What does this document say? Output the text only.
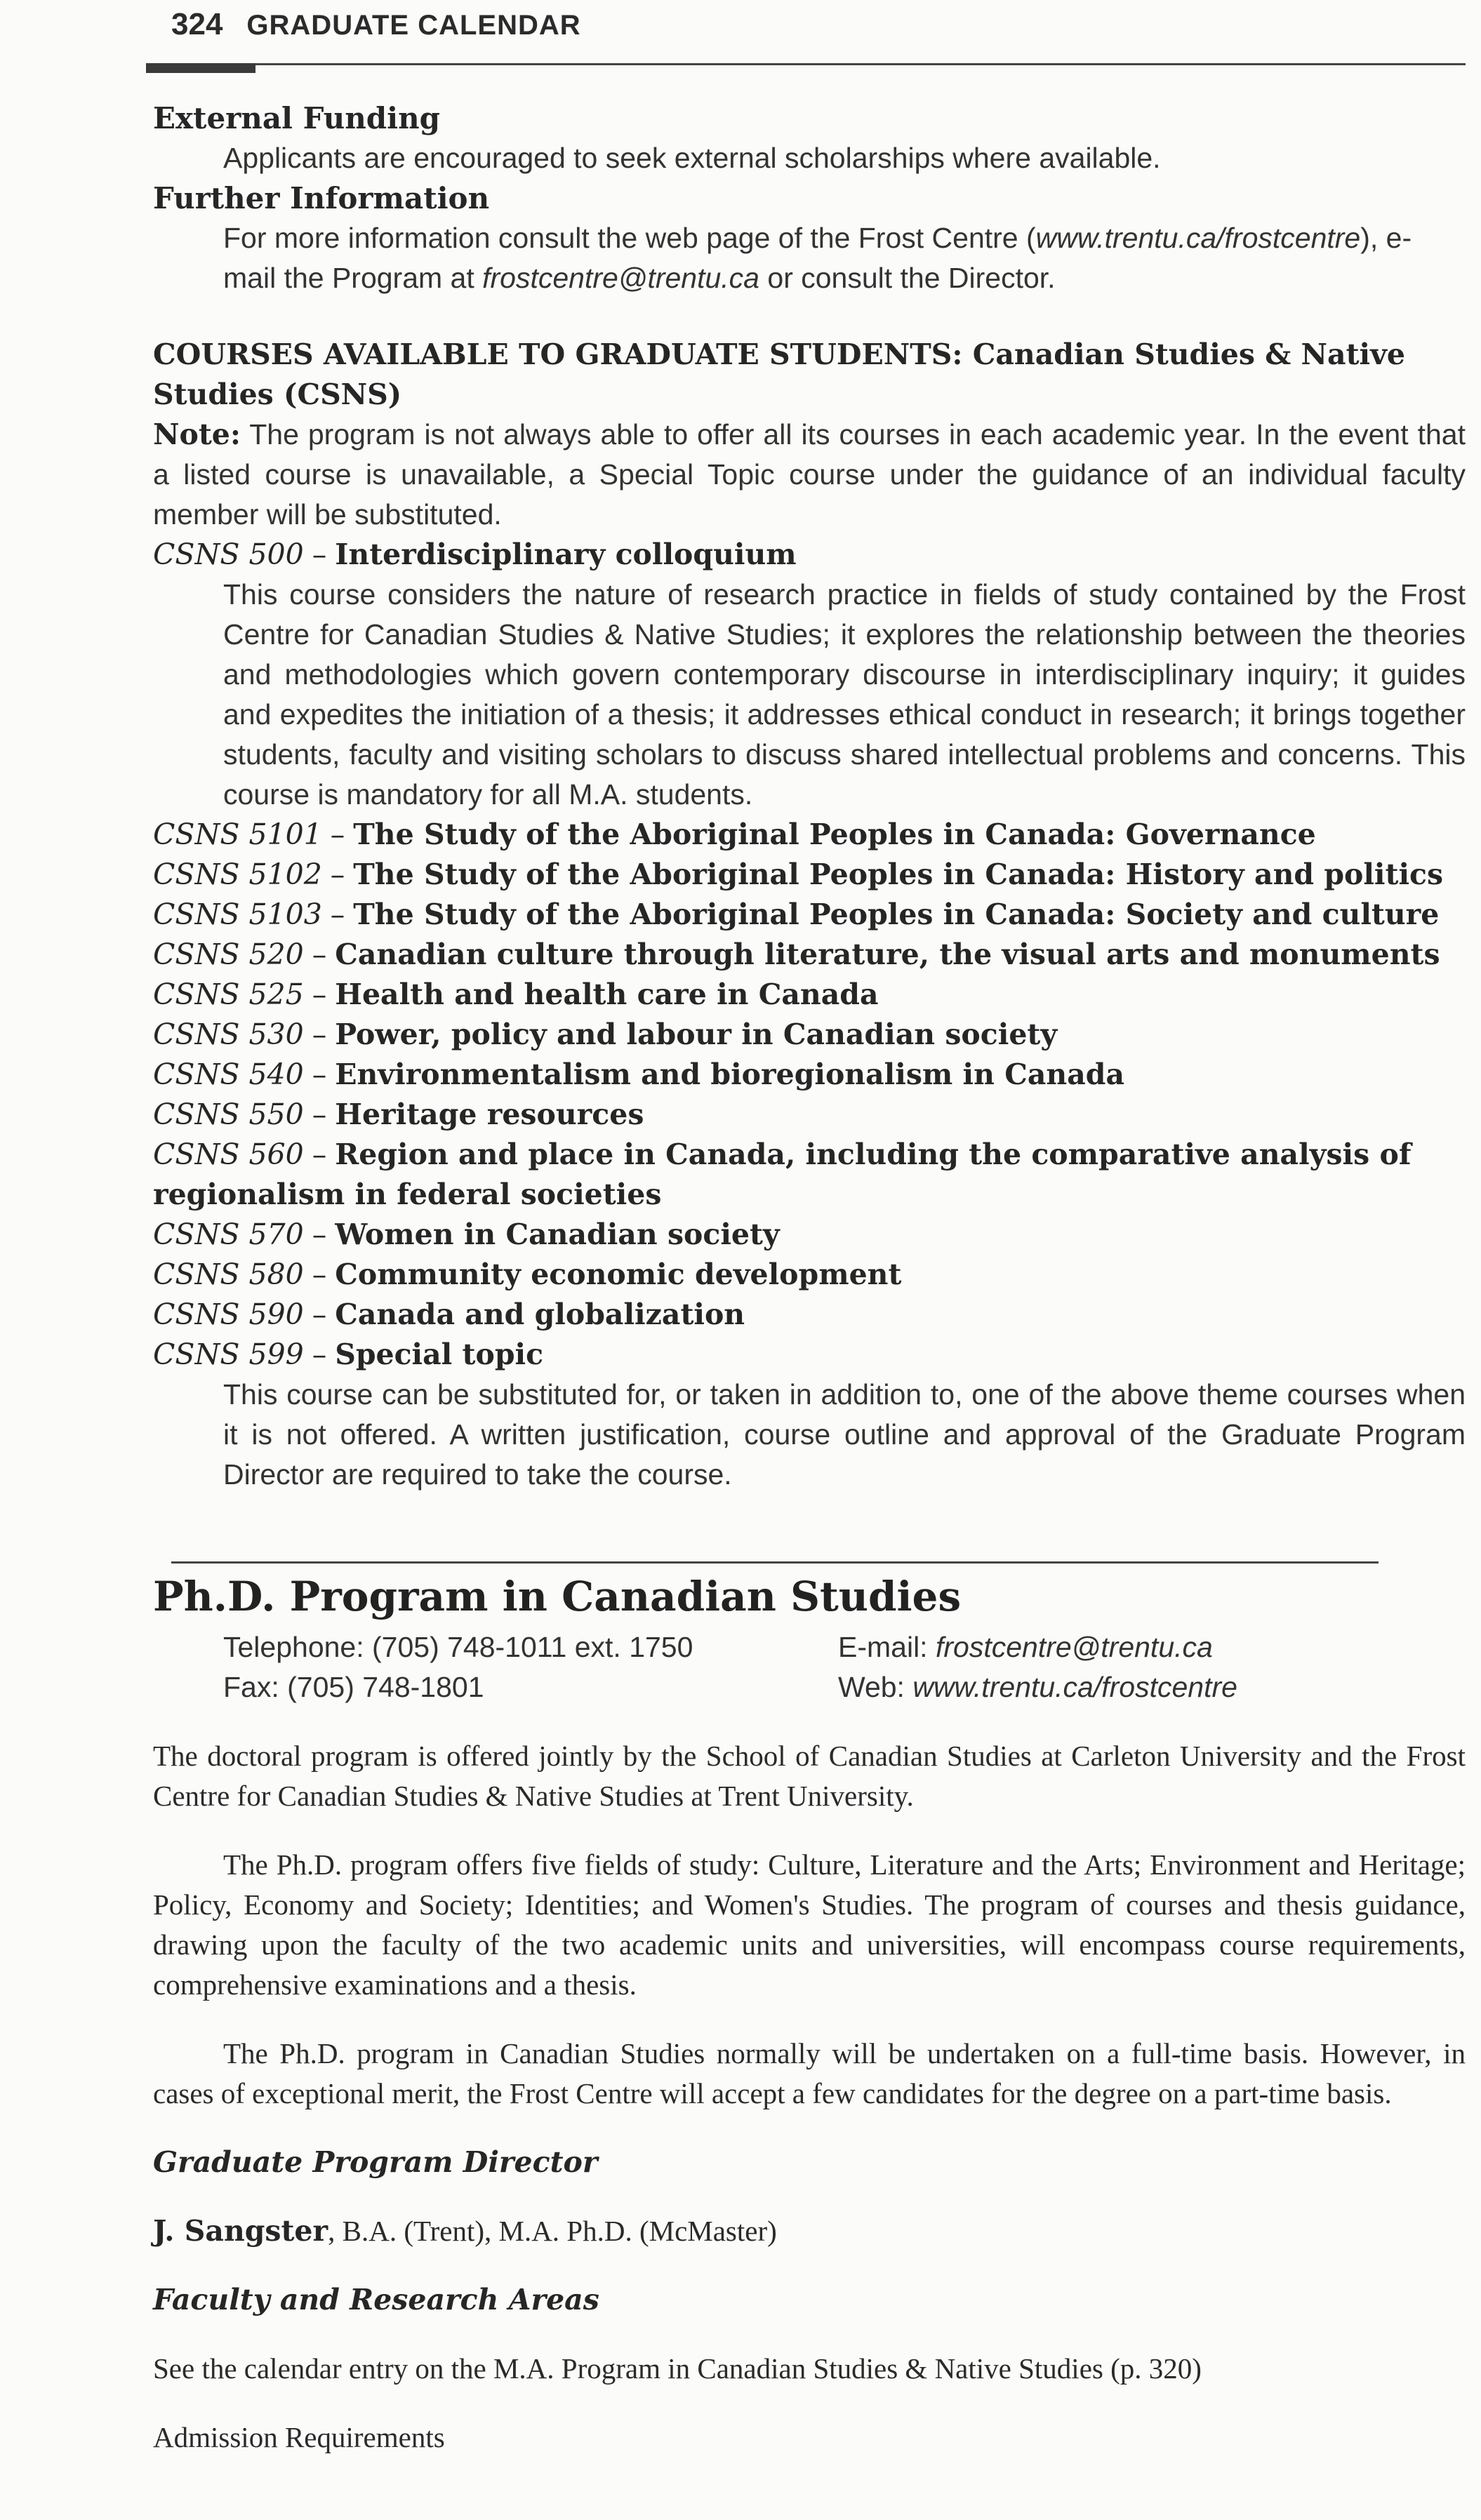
324 GRADUATE CALENDAR
External Funding

Applicants are encouraged to seek external scholarships where available.

Further Information

For more information consult the web page of the Frost Centre (www.trentu.ca/frostcentre), e-mail the Program at frostcentre@trentu.ca or consult the Director.

COURSES AVAILABLE TO GRADUATE STUDENTS: Canadian Studies & Native Studies (CSNS)

Note: The program is not always able to offer all its courses in each academic year. In the event that a listed course is unavailable, a Special Topic course under the guidance of an individual faculty member will be substituted.

CSNS 500 – Interdisciplinary colloquium

This course considers the nature of research practice in fields of study contained by the Frost Centre for Canadian Studies & Native Studies; it explores the relationship between the theories and methodologies which govern contemporary discourse in interdisciplinary inquiry; it guides and expedites the initiation of a thesis; it addresses ethical conduct in research; it brings together students, faculty and visiting scholars to discuss shared intellectual problems and concerns. This course is mandatory for all M.A. students.

CSNS 5101 – The Study of the Aboriginal Peoples in Canada: Governance
CSNS 5102 – The Study of the Aboriginal Peoples in Canada: History and politics
CSNS 5103 – The Study of the Aboriginal Peoples in Canada: Society and culture
CSNS 520 – Canadian culture through literature, the visual arts and monuments
CSNS 525 – Health and health care in Canada
CSNS 530 – Power, policy and labour in Canadian society
CSNS 540 – Environmentalism and bioregionalism in Canada
CSNS 550 – Heritage resources
CSNS 560 – Region and place in Canada, including the comparative analysis of regionalism in federal societies
CSNS 570 – Women in Canadian society
CSNS 580 – Community economic development
CSNS 590 – Canada and globalization
CSNS 599 – Special topic

This course can be substituted for, or taken in addition to, one of the above theme courses when it is not offered. A written justification, course outline and approval of the Graduate Program Director are required to take the course.

Ph.D. Program in Canadian Studies
Telephone: (705) 748-1011 ext. 1750
Fax: (705) 748-1801
E-mail: frostcentre@trentu.ca
Web: www.trentu.ca/frostcentre

The doctoral program is offered jointly by the School of Canadian Studies at Carleton University and the Frost Centre for Canadian Studies & Native Studies at Trent University.

The Ph.D. program offers five fields of study: Culture, Literature and the Arts; Environment and Heritage; Policy, Economy and Society; Identities; and Women's Studies. The program of courses and thesis guidance, drawing upon the faculty of the two academic units and universities, will encompass course requirements, comprehensive examinations and a thesis.

The Ph.D. program in Canadian Studies normally will be undertaken on a full-time basis. However, in cases of exceptional merit, the Frost Centre will accept a few candidates for the degree on a part-time basis.

Graduate Program Director

J. Sangster, B.A. (Trent), M.A. Ph.D. (McMaster)

Faculty and Research Areas

See the calendar entry on the M.A. Program in Canadian Studies & Native Studies (p. 320)

Admission Requirements
